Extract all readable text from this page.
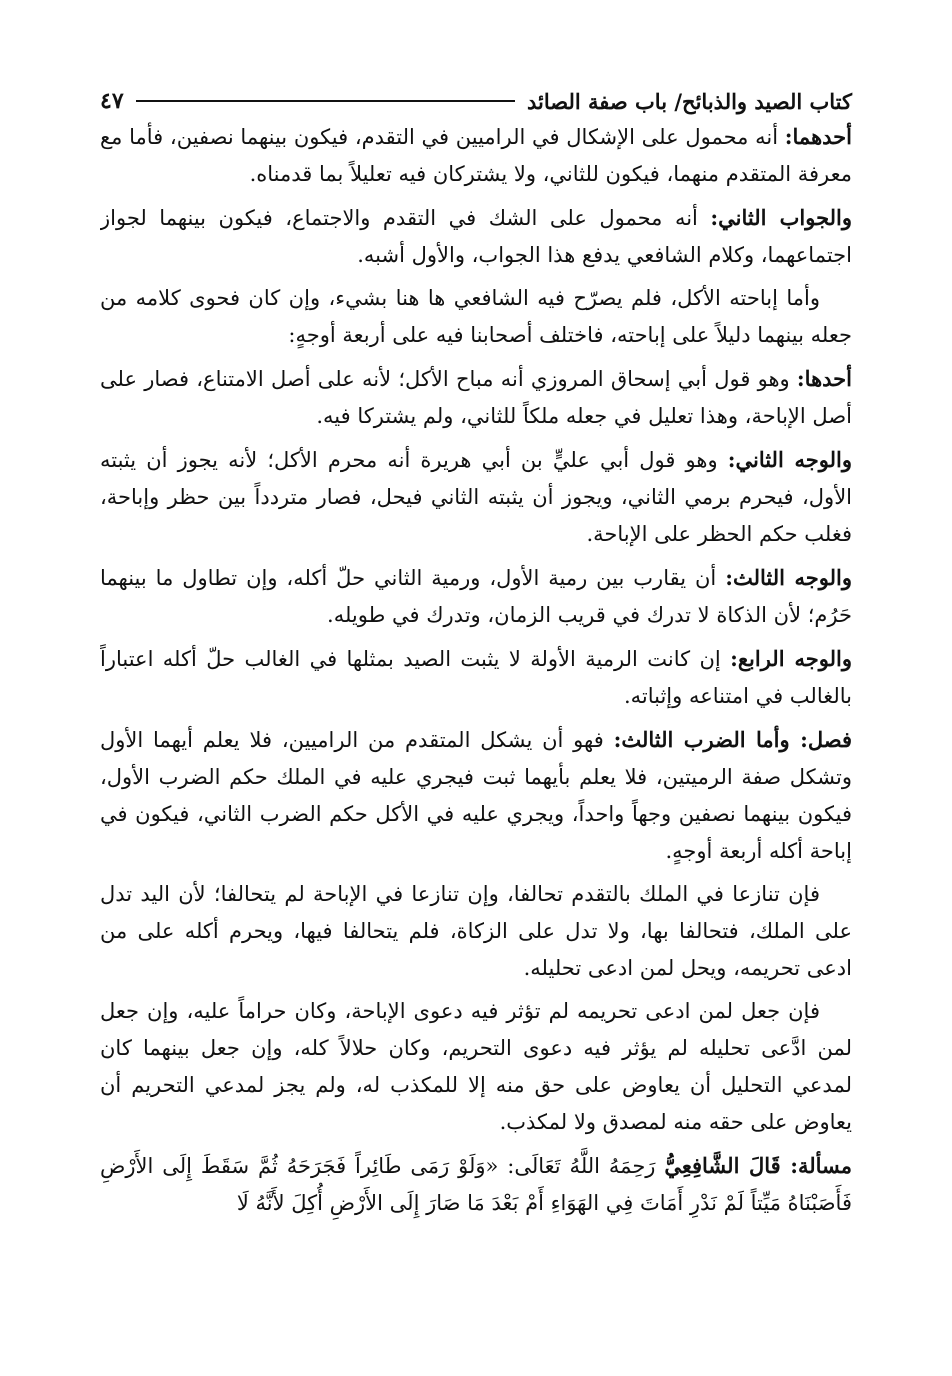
كتاب الصيد والذبائح/ باب صفة الصائد
٤٧

أحدهما: أنه محمول على الإشكال في الراميين في التقدم، فيكون بينهما نصفين، فأما مع معرفة المتقدم منهما، فيكون للثاني، ولا يشتركان فيه تعليلاً بما قدمناه.

والجواب الثاني: أنه محمول على الشك في التقدم والاجتماع، فيكون بينهما لجواز اجتماعهما، وكلام الشافعي يدفع هذا الجواب، والأول أشبه.

وأما إباحته الأكل، فلم يصرّح فيه الشافعي ها هنا بشيء، وإن كان فحوى كلامه من جعله بينهما دليلاً على إباحته، فاختلف أصحابنا فيه على أربعة أوجهٍ:

أحدها: وهو قول أبي إسحاق المروزي أنه مباح الأكل؛ لأنه على أصل الامتناع، فصار على أصل الإباحة، وهذا تعليل في جعله ملكاً للثاني، ولم يشتركا فيه.

والوجه الثاني: وهو قول أبي عليٍّ بن أبي هريرة أنه محرم الأكل؛ لأنه يجوز أن يثبته الأول، فيحرم برمي الثاني، ويجوز أن يثبته الثاني فيحل، فصار متردداً بين حظر وإباحة، فغلب حكم الحظر على الإباحة.

والوجه الثالث: أن يقارب بين رمية الأول، ورمية الثاني حلّ أكله، وإن تطاول ما بينهما حَرُم؛ لأن الذكاة لا تدرك في قريب الزمان، وتدرك في طويله.

والوجه الرابع: إن كانت الرمية الأولة لا يثبت الصيد بمثلها في الغالب حلّ أكله اعتباراً بالغالب في امتناعه وإثباته.

فصل: وأما الضرب الثالث: فهو أن يشكل المتقدم من الراميين، فلا يعلم أيهما الأول وتشكل صفة الرميتين، فلا يعلم بأيهما ثبت فيجري عليه في الملك حكم الضرب الأول، فيكون بينهما نصفين وجهاً واحداً، ويجري عليه في الأكل حكم الضرب الثاني، فيكون في إباحة أكله أربعة أوجهٍ.

فإن تنازعا في الملك بالتقدم تحالفا، وإن تنازعا في الإباحة لم يتحالفا؛ لأن اليد تدل على الملك، فتحالفا بها، ولا تدل على الزكاة، فلم يتحالفا فيها، ويحرم أكله على من ادعى تحريمه، ويحل لمن ادعى تحليله.

فإن جعل لمن ادعى تحريمه لم تؤثر فيه دعوى الإباحة، وكان حراماً عليه، وإن جعل لمن ادَّعى تحليله لم يؤثر فيه دعوى التحريم، وكان حلالاً كله، وإن جعل بينهما كان لمدعي التحليل أن يعاوض على حق منه إلا للمكذب له، ولم يجز لمدعي التحريم أن يعاوض على حقه منه لمصدق ولا لمكذب.

مسألة: قَالَ الشَّافِعِيُّ رَحِمَهُ اللَّهُ تَعَالَى: «وَلَوْ رَمَى طَائِراً فَجَرَحَهُ ثُمَّ سَقَطَ إِلَى الأَرْضِ فَأَصَبْنَاهُ مَيِّتاً لَمْ نَدْرِ أَمَاتَ فِي الهَوَاءِ أَمْ بَعْدَ مَا صَارَ إِلَى الأَرْضِ أُكِلَ لأَنَّهُ لَا
